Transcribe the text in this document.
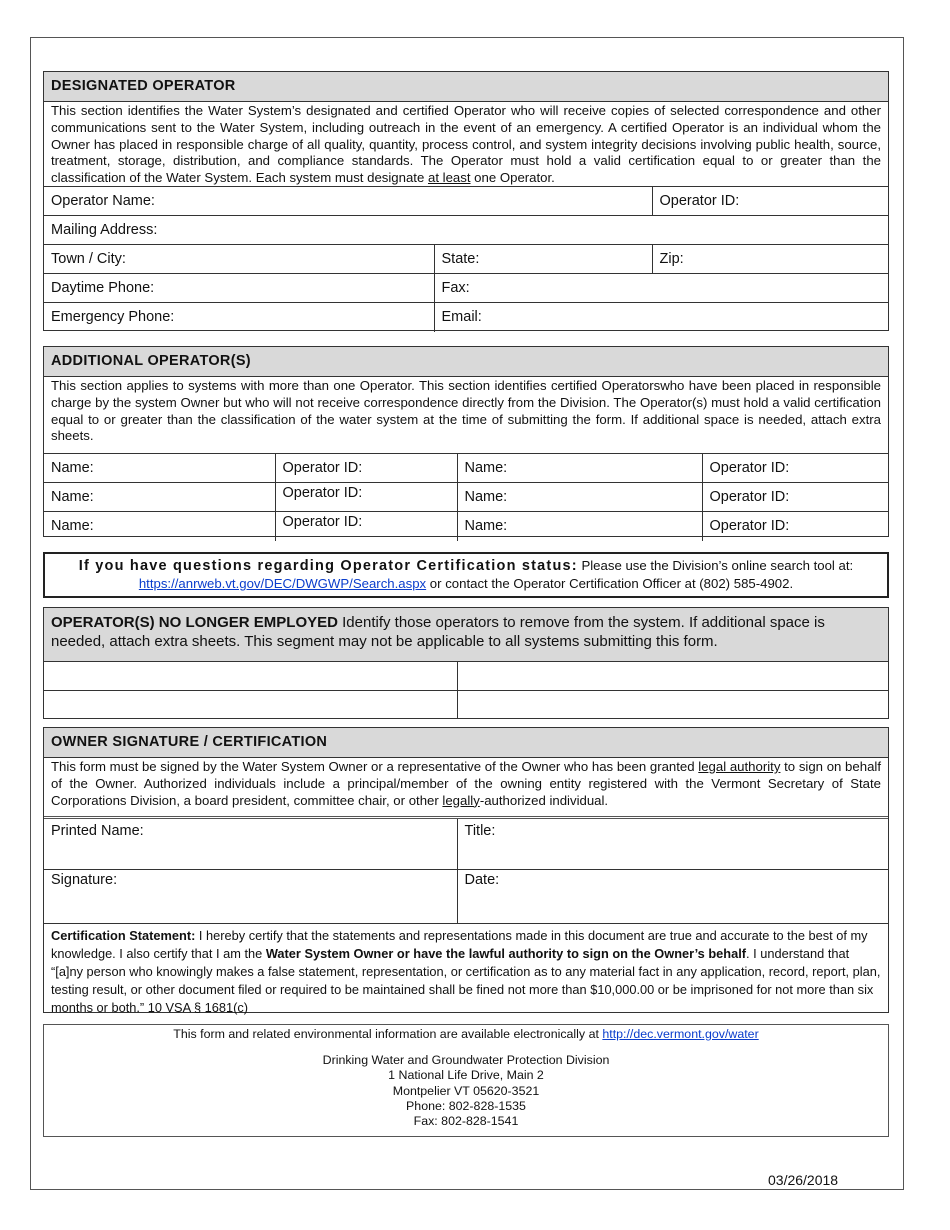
DESIGNATED OPERATOR
This section identifies the Water System’s designated and certified Operator who will receive copies of selected correspondence and other communications sent to the Water System, including outreach in the event of an emergency. A certified Operator is an individual whom the Owner has placed in responsible charge of all quality, quantity, process control, and system integrity decisions involving public health, source, treatment, storage, distribution, and compliance standards. The Operator must hold a valid certification equal to or greater than the classification of the Water System. Each system must designate at least one Operator.
Operator Name:		Operator ID:
Mailing Address:		
Town / City:	State:	Zip:
Daytime Phone:	Fax:	
Emergency Phone:	Email:	
ADDITIONAL OPERATOR(S)
This section applies to systems with more than one Operator. This section identifies certified Operatorswho have been placed in responsible charge by the system Owner but who will not receive correspondence directly from the Division. The Operator(s) must hold a valid certification equal to or greater than the classification of the water system at the time of submitting the form. If additional space is needed, attach extra sheets.
Name:	Operator ID:	Name:	Operator ID:
Name:	Operator ID:	Name:	Operator ID:
Name:	Operator ID:	Name:	Operator ID:
If you have questions regarding Operator Certification status: Please use the Division’s online search tool at:
https://anrweb.vt.gov/DEC/DWGWP/Search.aspx or contact the Operator Certification Officer at (802) 585-4902.
OPERATOR(S) NO LONGER EMPLOYED Identify those operators to remove from the system. If additional space is needed, attach extra sheets. This segment may not be applicable to all systems submitting this form.

OWNER SIGNATURE / CERTIFICATION
This form must be signed by the Water System Owner or a representative of the Owner who has been granted legal authority to sign on behalf of the Owner. Authorized individuals include a principal/member of the owning entity registered with the Vermont Secretary of State Corporations Division, a board president, committee chair, or other legally-authorized individual.
Printed Name:	Title:
Signature:	Date:
Certification Statement: I hereby certify that the statements and representations made in this document are true and accurate to the best of my knowledge. I also certify that I am the Water System Owner or have the lawful authority to sign on the Owner’s behalf. I understand that “[a]ny person who knowingly makes a false statement, representation, or certification as to any material fact in any application, record, report, plan, testing result, or other document filed or required to be maintained shall be fined not more than $10,000.00 or be imprisoned for not more than six months or both.” 10 VSA § 1681(c)
This form and related environmental information are available electronically at http://dec.vermont.gov/water
Drinking Water and Groundwater Protection Division
1 National Life Drive, Main 2
Montpelier VT 05620-3521
Phone: 802-828-1535
Fax: 802-828-1541
03/26/2018
